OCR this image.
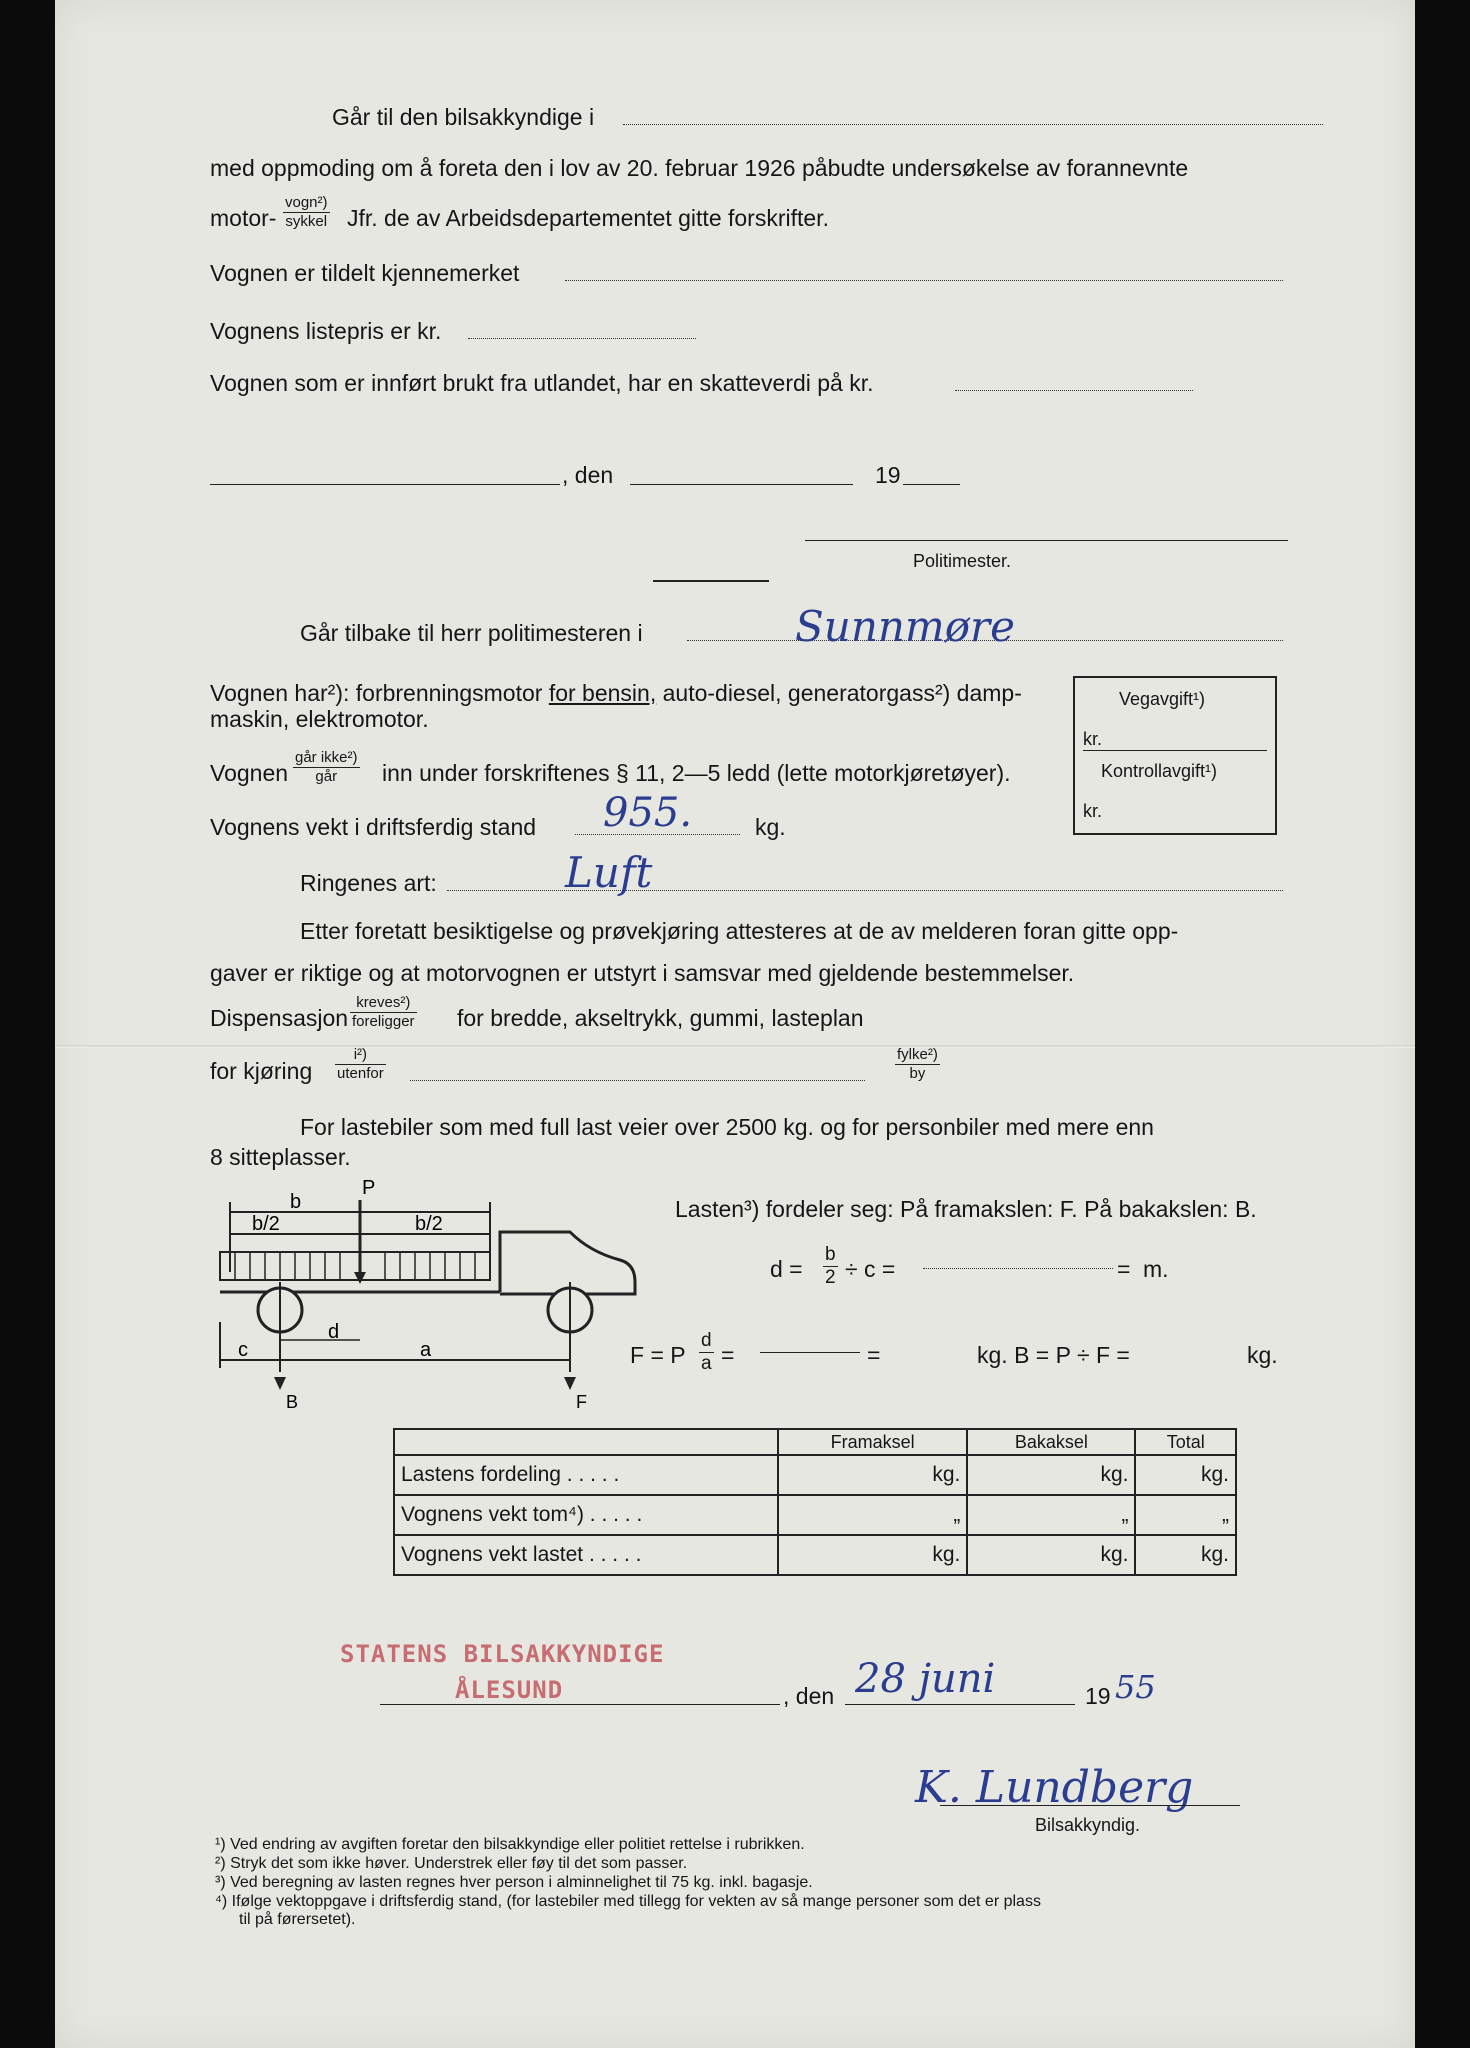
Går til den bilsakkyndige i
med oppmoding om å foreta den i lov av 20. februar 1926 påbudte undersøkelse av forannevnte
motor-
vogn²)
sykkel Jfr. de av Arbeidsdepartementet gitte forskrifter.
Vognen er tildelt kjennemerket
Vognens listepris er kr.
Vognen som er innført brukt fra utlandet, har en skatteverdi på kr.
, den	19
Politimester.
Går tilbake til herr politimesteren i	Sunnmøre
Vognen har²): forbrenningsmotor for bensin, auto-diesel, generatorgass²) damp-
maskin, elektromotor.
Vegavgift¹)
kr.
Kontrollavgift¹)
kr.
Vognen
går ikke²)
går	inn under forskriftenes § 11, 2—5 ledd (lette motorkjøretøyer).
Vognens vekt i driftsferdig stand 955.	kg.
Ringenes art:	Luft
Etter foretatt besiktigelse og prøvekjøring attesteres at de av melderen foran gitte opp-
gaver er riktige og at motorvognen er utstyrt i samsvar med gjeldende bestemmelser.
Dispensasjon
kreves²)
foreligger for bredde, akseltrykk, gummi, lasteplan
for kjøring
i²)
utenfor
fylke²)
by
For lastebiler som med full last veier over 2500 kg. og for personbiler med mere enn
8 sitteplasser.
P
b
b/2	b/2
c	a
d
B	F
Lasten³) fordeler seg: På framakslen: F. På bakakslen: B.
$d = \frac{b}{2} \div c$ =	= m.
F = P $\frac{d}{a}$ =	=	kg. B = P ÷ F =	kg.
	Framaksel	Bakaksel	Total
Lastens fordeling . . . . .	kg.	kg.	kg.
Vognens vekt tom⁴) . . . . .	„	„	„
Vognens vekt lastet . . . . .	kg.	kg.	kg.
STATENS BILSAKKYNDIGE
ÅLESUND	, den 28 juni	19 55
K. Lundberg
Bilsakkyndig.
¹) Ved endring av avgiften foretar den bilsakkyndige eller politiet rettelse i rubrikken.
²) Stryk det som ikke høver. Understrek eller føy til det som passer.
³) Ved beregning av lasten regnes hver person i alminnelighet til 75 kg. inkl. bagasje.
⁴) Ifølge vektoppgave i driftsferdig stand, (for lastebiler med tillegg for vekten av så mange personer som det er plass
til på førersetet).
